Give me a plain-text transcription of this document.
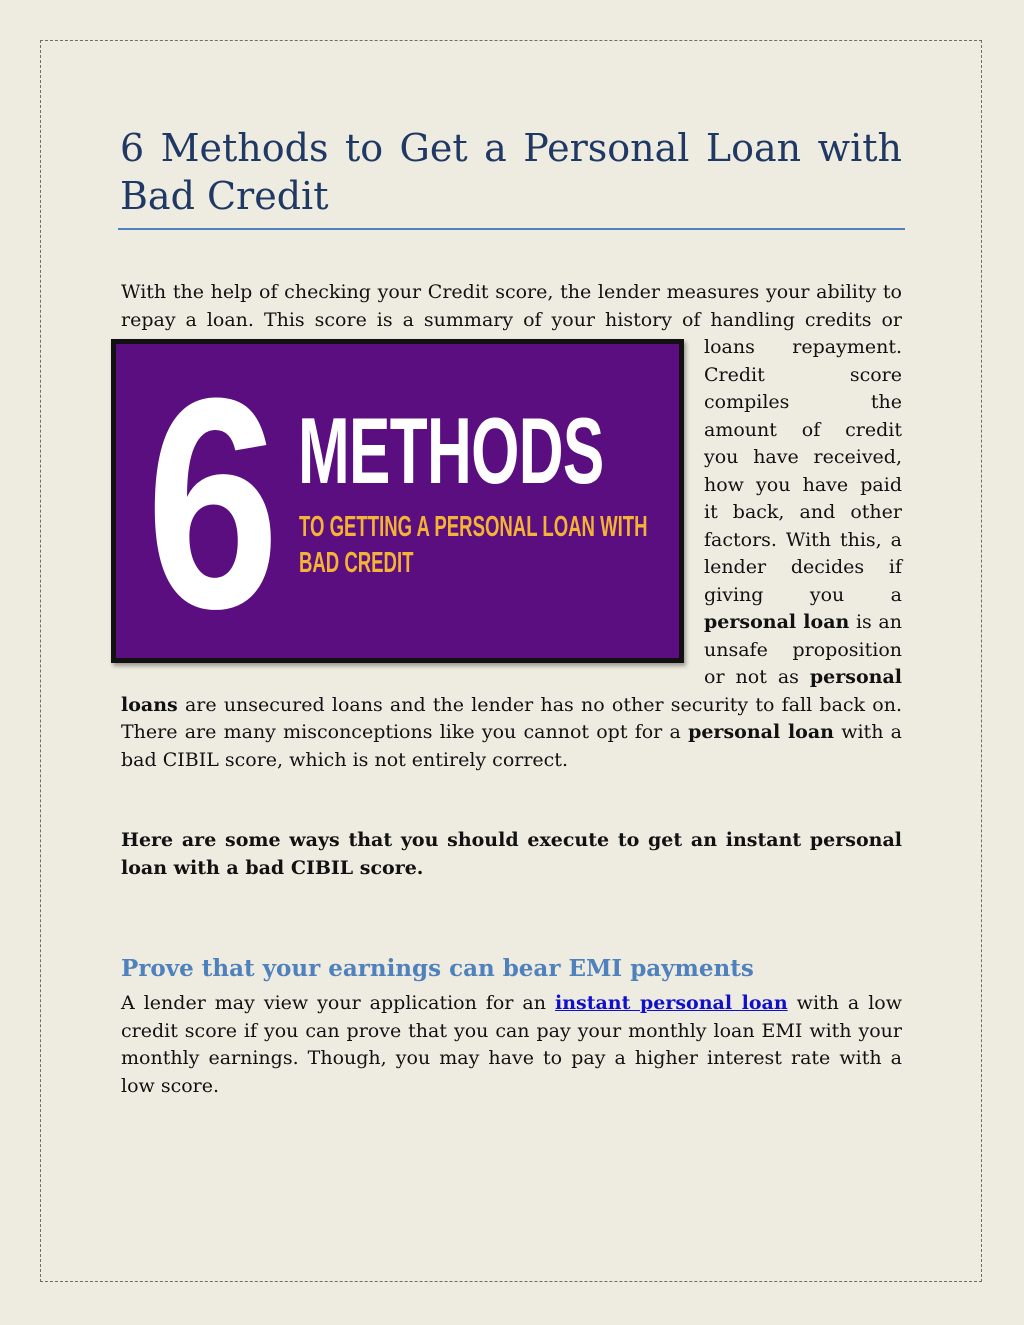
6 Methods to Get a Personal Loan with Bad Credit

With the help of checking your Credit score, the lender measures your ability to repay a loan. This score is a summary of your history of handling credits or
6 METHODS
TO GETTING A PERSONAL LOAN WITH
BAD CREDIT
loans repayment. Credit score compiles the amount of credit you have received, how you have paid it back, and other factors. With this, a lender decides if giving you a personal loan is an unsafe proposition or not as personal loans are unsecured loans and the lender has no other security to fall back on. There are many misconceptions like you cannot opt for a personal loan with a bad CIBIL score, which is not entirely correct.

Here are some ways that you should execute to get an instant personal loan with a bad CIBIL score.
Prove that your earnings can bear EMI payments

A lender may view your application for an instant personal loan with a low credit score if you can prove that you can pay your monthly loan EMI with your monthly earnings. Though, you may have to pay a higher interest rate with a low score.
